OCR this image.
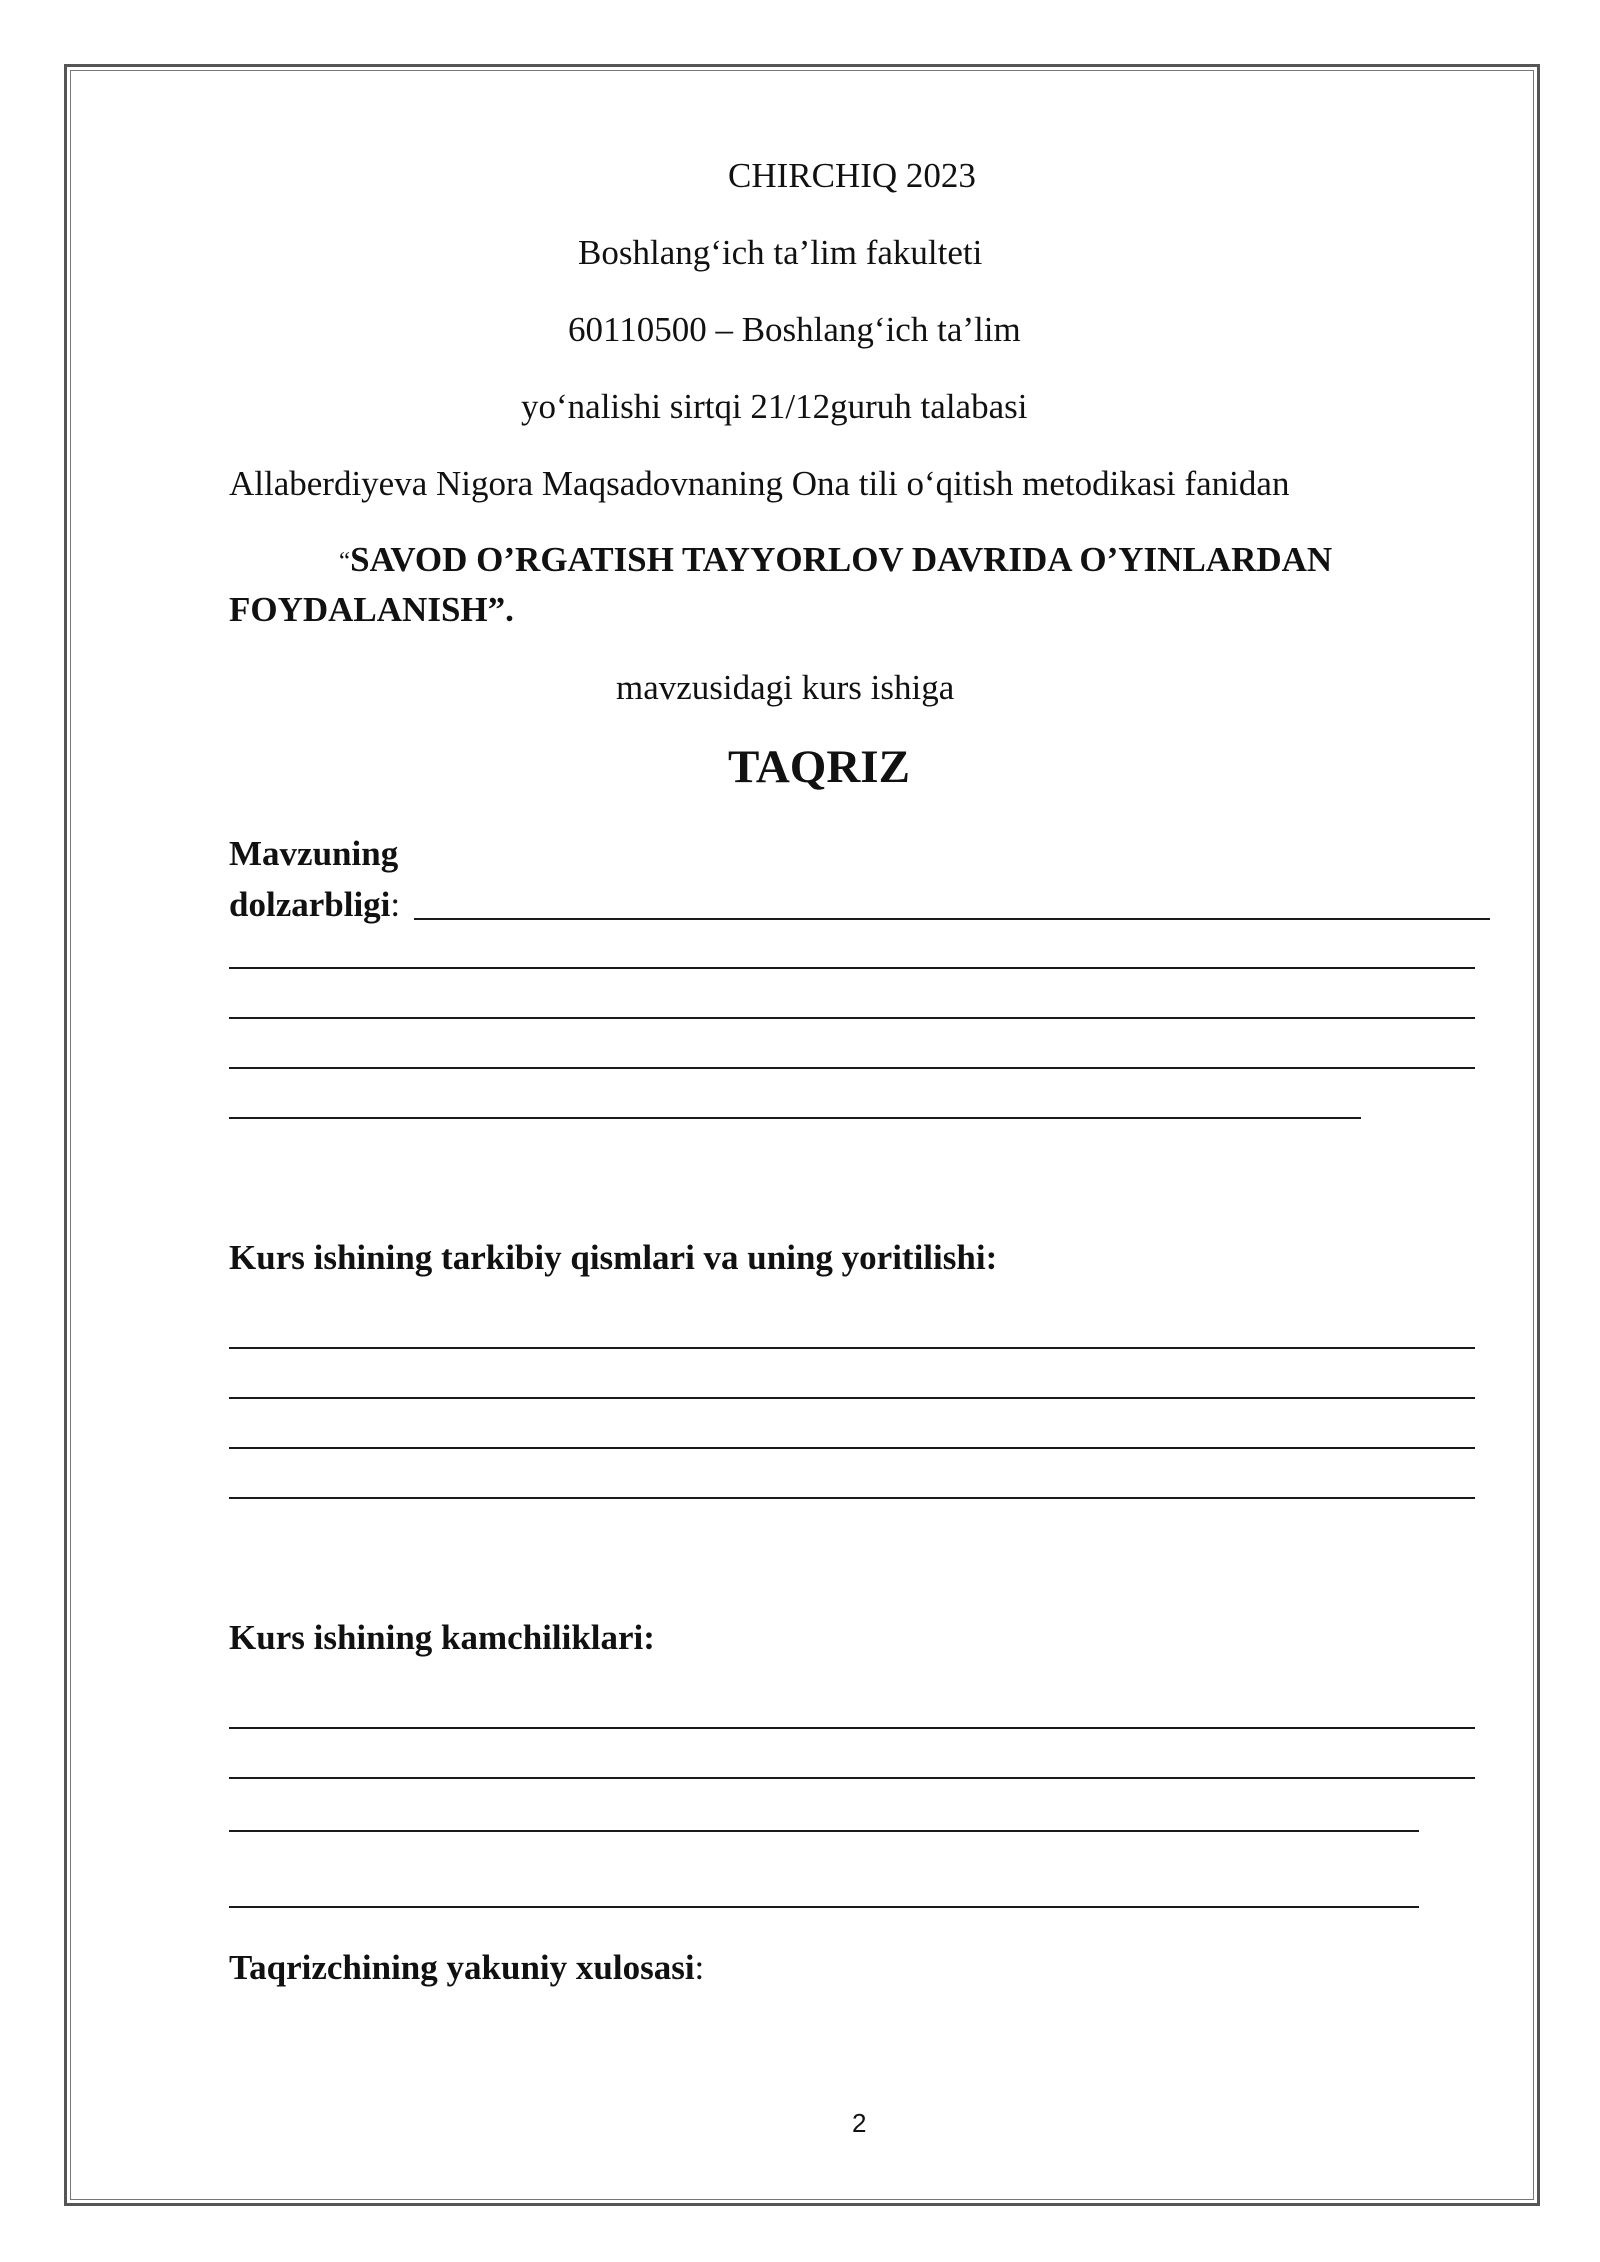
CHIRCHIQ 2023
Boshlang‘ich ta’lim fakulteti
60110500 – Boshlang‘ich ta’lim
yo‘nalishi sirtqi 21/12guruh talabasi
Allaberdiyeva Nigora Maqsadovnaning Ona tili o‘qitish metodikasi fanidan
“SAVOD O’RGATISH TAYYORLOV DAVRIDA O’YINLARDAN
FOYDALANISH”.
mavzusidagi kurs ishiga
TAQRIZ
Mavzuning
dolzarbligi:
Kurs ishining tarkibiy qismlari va uning yoritilishi:
Kurs ishining kamchiliklari:
Taqrizchining yakuniy xulosasi:
2
